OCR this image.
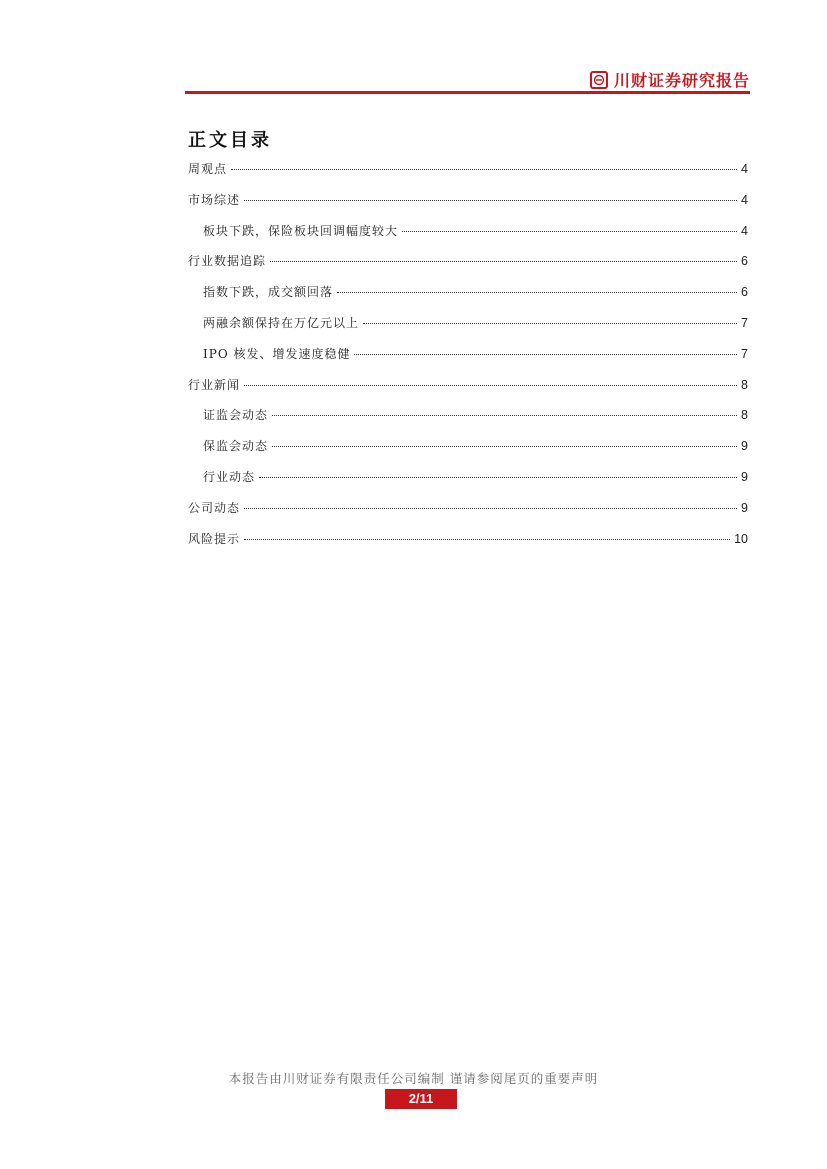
川财证券研究报告
正文目录
周观点	4
市场综述	4
板块下跌，保险板块回调幅度较大	4
行业数据追踪	6
指数下跌，成交额回落	6
两融余额保持在万亿元以上	7
IPO 核发、增发速度稳健	7
行业新闻	8
证监会动态	8
保监会动态	9
行业动态	9
公司动态	9
风险提示	10
本报告由川财证券有限责任公司编制 谨请参阅尾页的重要声明
2/11
